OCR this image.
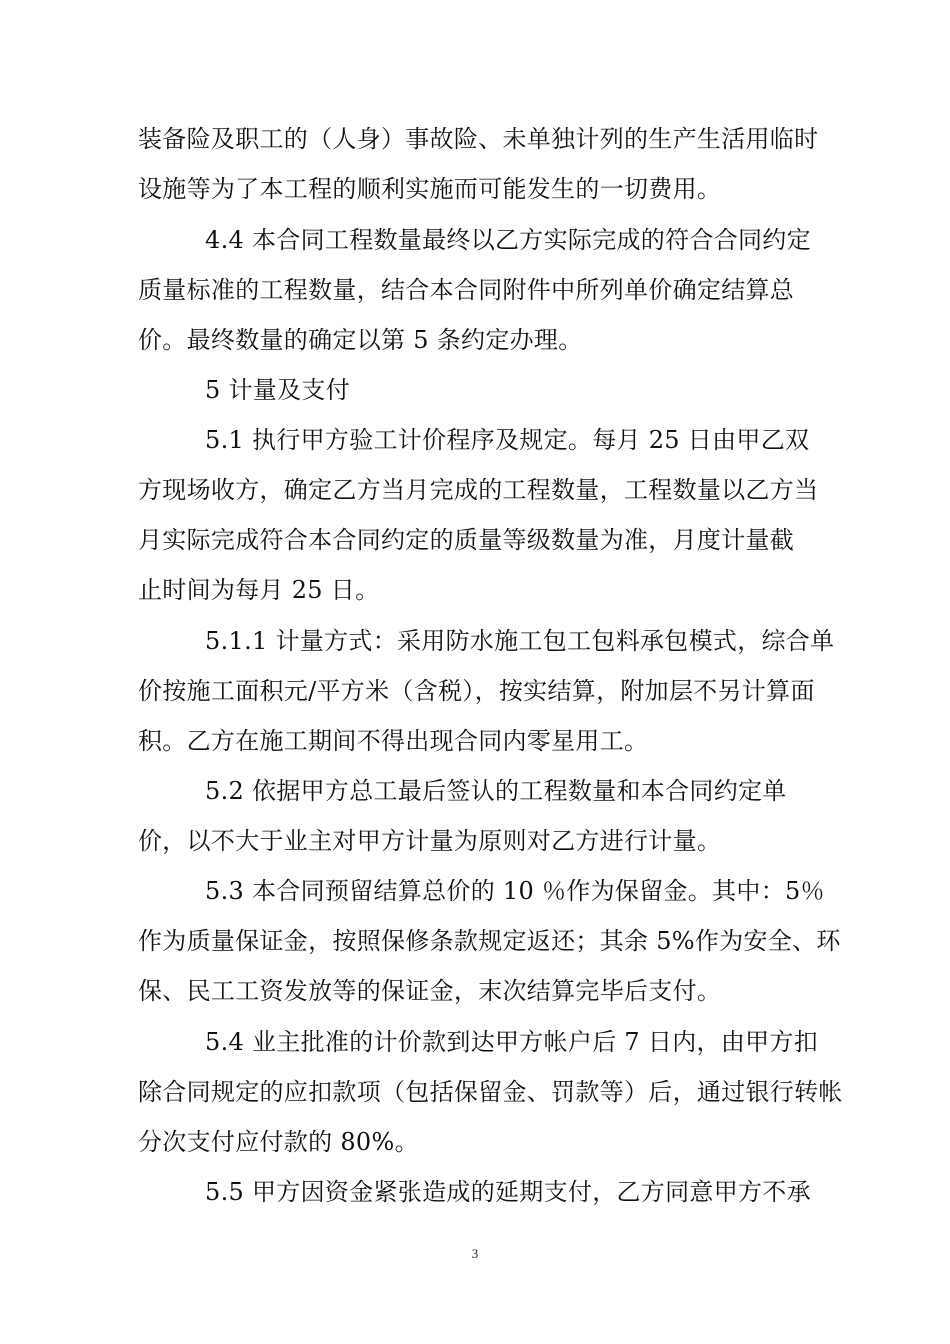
装备险及职工的（人身）事故险、未单独计列的生产生活用临时
设施等为了本工程的顺利实施而可能发生的一切费用。
4.4 本合同工程数量最终以乙方实际完成的符合合同约定
质量标准的工程数量，结合本合同附件中所列单价确定结算总
价。最终数量的确定以第 5 条约定办理。
5 计量及支付
5.1 执行甲方验工计价程序及规定。每月 25 日由甲乙双
方现场收方，确定乙方当月完成的工程数量，工程数量以乙方当
月实际完成符合本合同约定的质量等级数量为准，月度计量截
止时间为每月 25 日。
5.1.1 计量方式：采用防水施工包工包料承包模式，综合单
价按施工面积元/平方米（含税），按实结算，附加层不另计算面
积。乙方在施工期间不得出现合同内零星用工。
5.2 依据甲方总工最后签认的工程数量和本合同约定单
价，以不大于业主对甲方计量为原则对乙方进行计量。
5.3 本合同预留结算总价的 10 ％作为保留金。其中：5％
作为质量保证金，按照保修条款规定返还；其余 5%作为安全、环
保、民工工资发放等的保证金，末次结算完毕后支付。
5.4 业主批准的计价款到达甲方帐户后 7 日内，由甲方扣
除合同规定的应扣款项（包括保留金、罚款等）后，通过银行转帐
分次支付应付款的 80%。
5.5 甲方因资金紧张造成的延期支付，乙方同意甲方不承
3
